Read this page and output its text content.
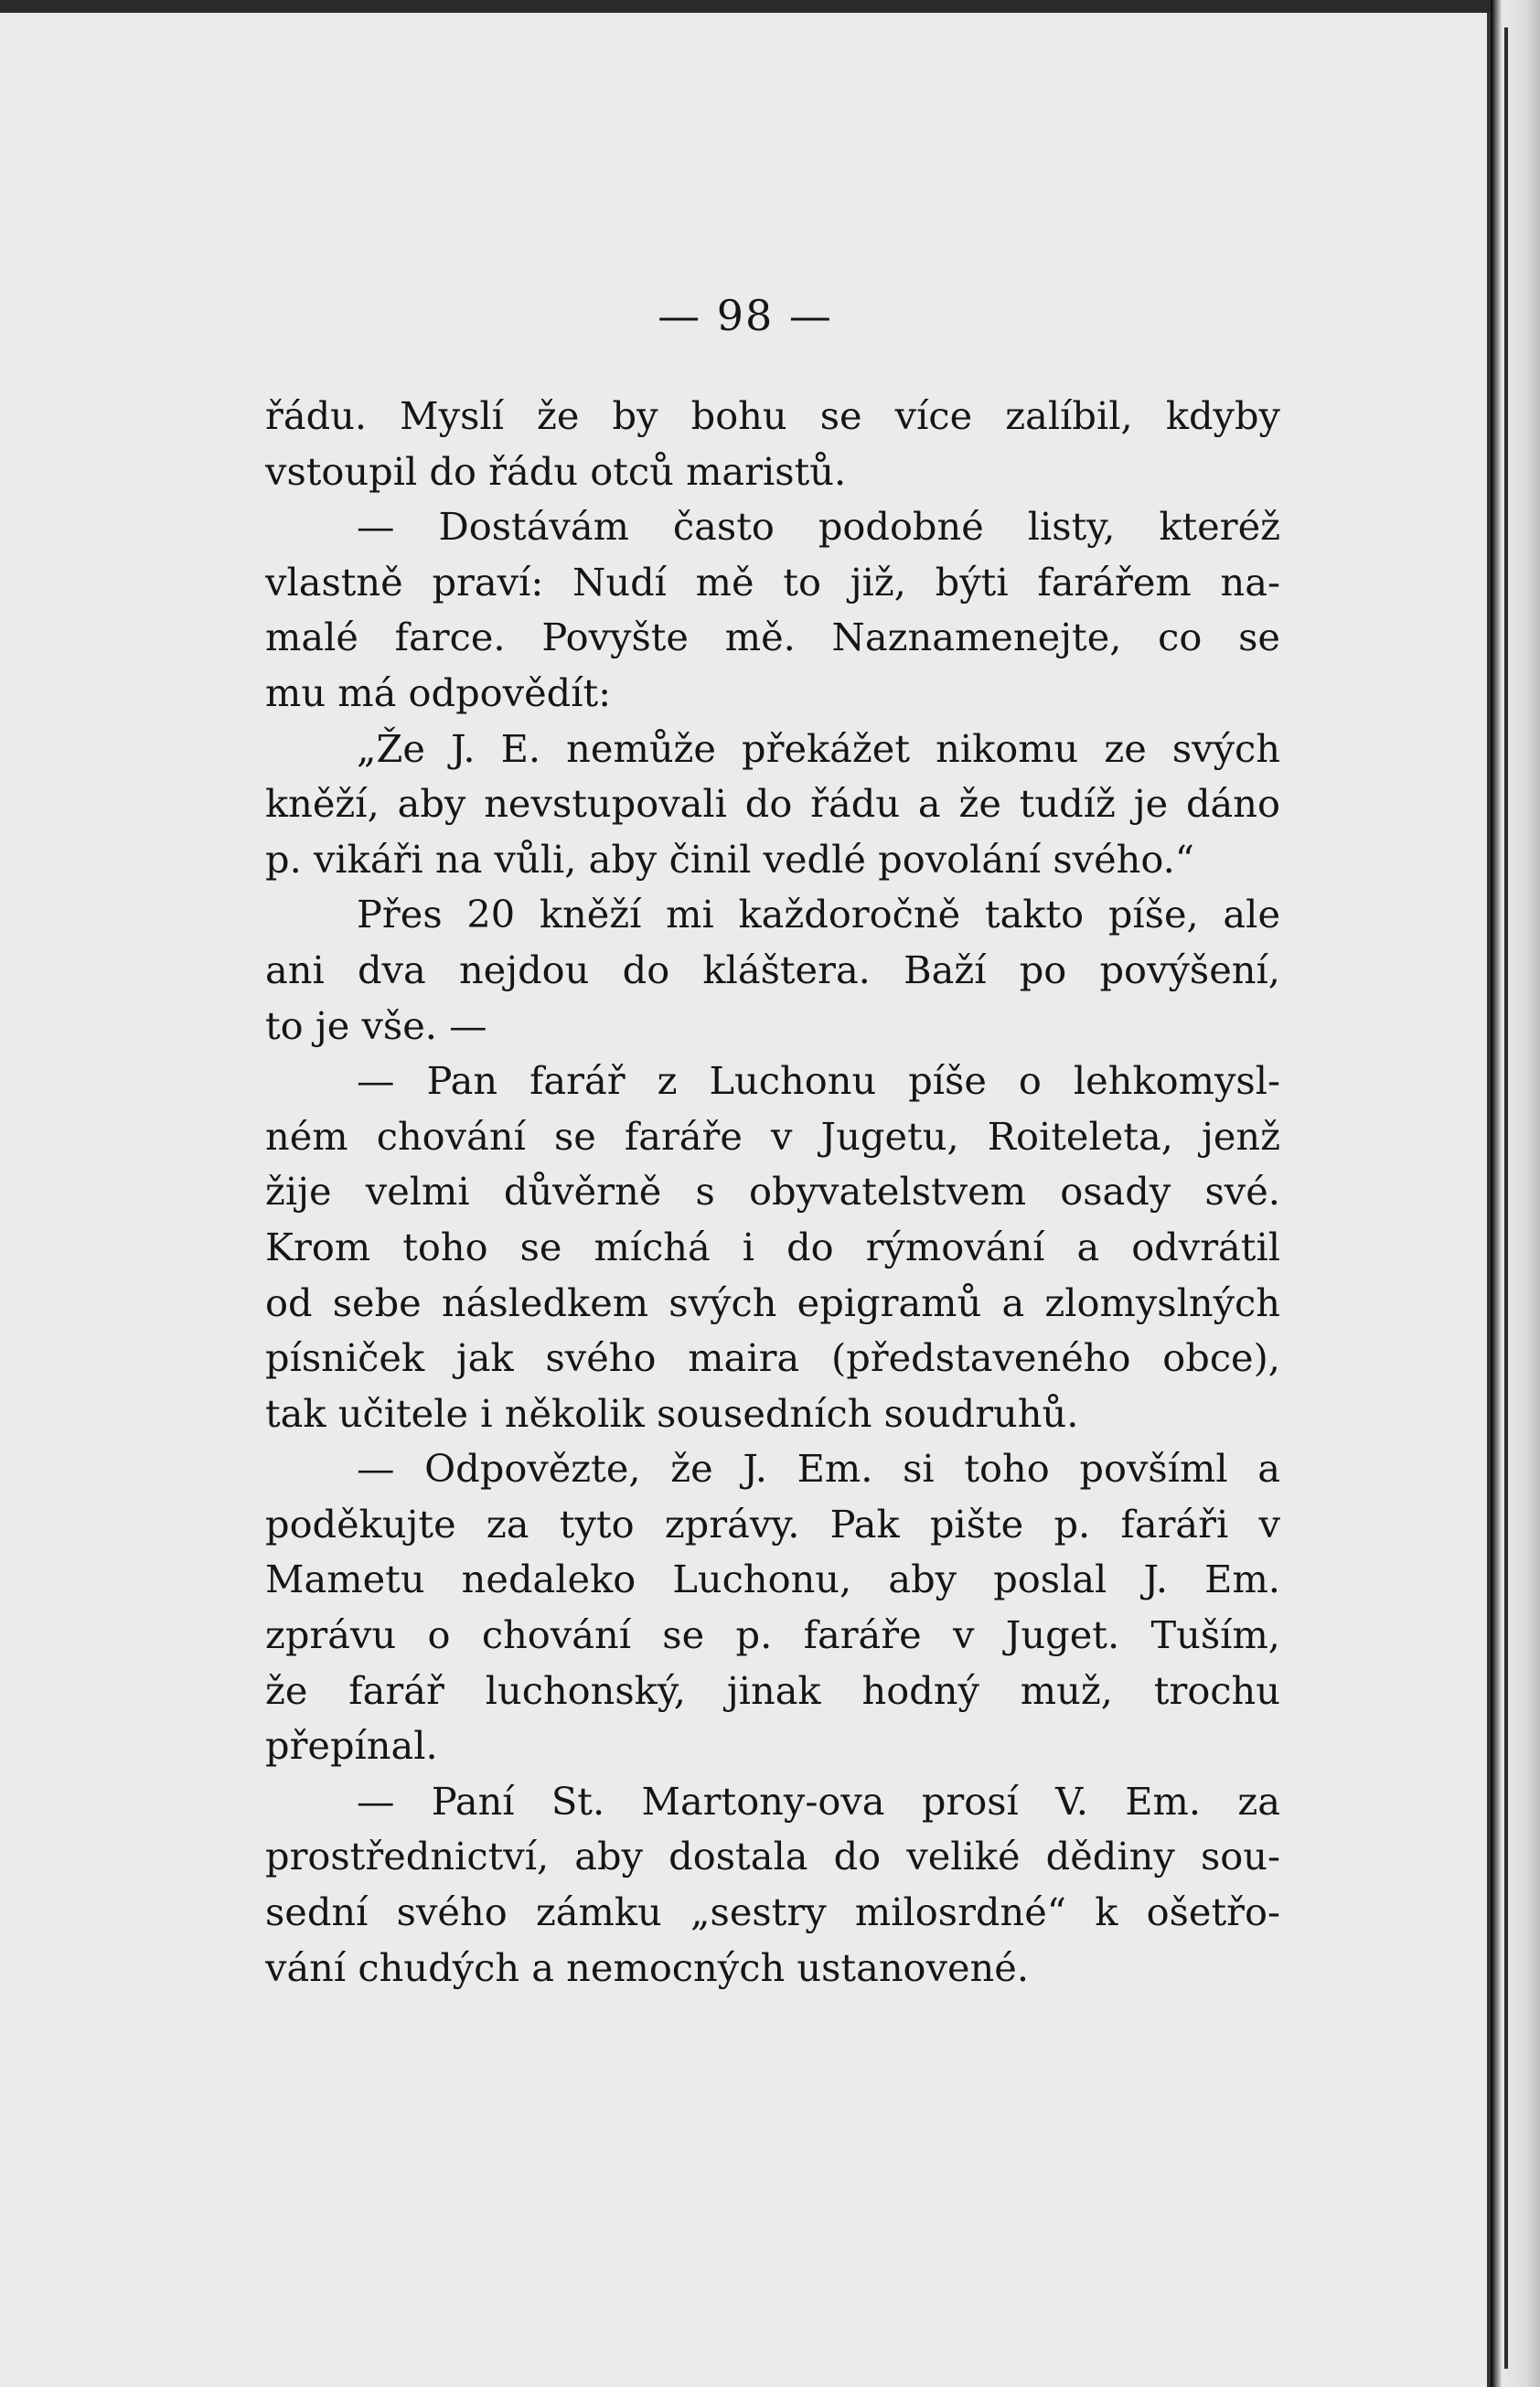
— 98 —
řádu. Myslí že by bohu se více zalíbil, kdyby
vstoupil do řádu otců maristů.
— Dostávám často podobné listy, kteréž
vlastně praví: Nudí mě to již, býti farářem na-
malé farce. Povyšte mě. Naznamenejte, co se
mu má odpovědít:
„Že J. E. nemůže překážet nikomu ze svých
kněží, aby nevstupovali do řádu a že tudíž je dáno
p. vikáři na vůli, aby činil vedlé povolání svého.“
Přes 20 kněží mi každoročně takto píše, ale
ani dva nejdou do kláštera. Baží po povýšení,
to je vše. —
— Pan farář z Luchonu píše o lehkomysl-
ném chování se faráře v Jugetu, Roiteleta, jenž
žije velmi důvěrně s obyvatelstvem osady své.
Krom toho se míchá i do rýmování a odvrátil
od sebe následkem svých epigramů a zlomyslných
písniček jak svého maira (představeného obce),
tak učitele i několik sousedních soudruhů.
— Odpovězte, že J. Em. si toho povšíml a
poděkujte za tyto zprávy. Pak pište p. faráři v
Mametu nedaleko Luchonu, aby poslal J. Em.
zprávu o chování se p. faráře v Juget. Tuším,
že farář luchonský, jinak hodný muž, trochu
přepínal.
— Paní St. Martony-ova prosí V. Em. za
prostřednictví, aby dostala do veliké dědiny sou-
sední svého zámku „sestry milosrdné“ k ošetřo-
vání chudých a nemocných ustanovené.
